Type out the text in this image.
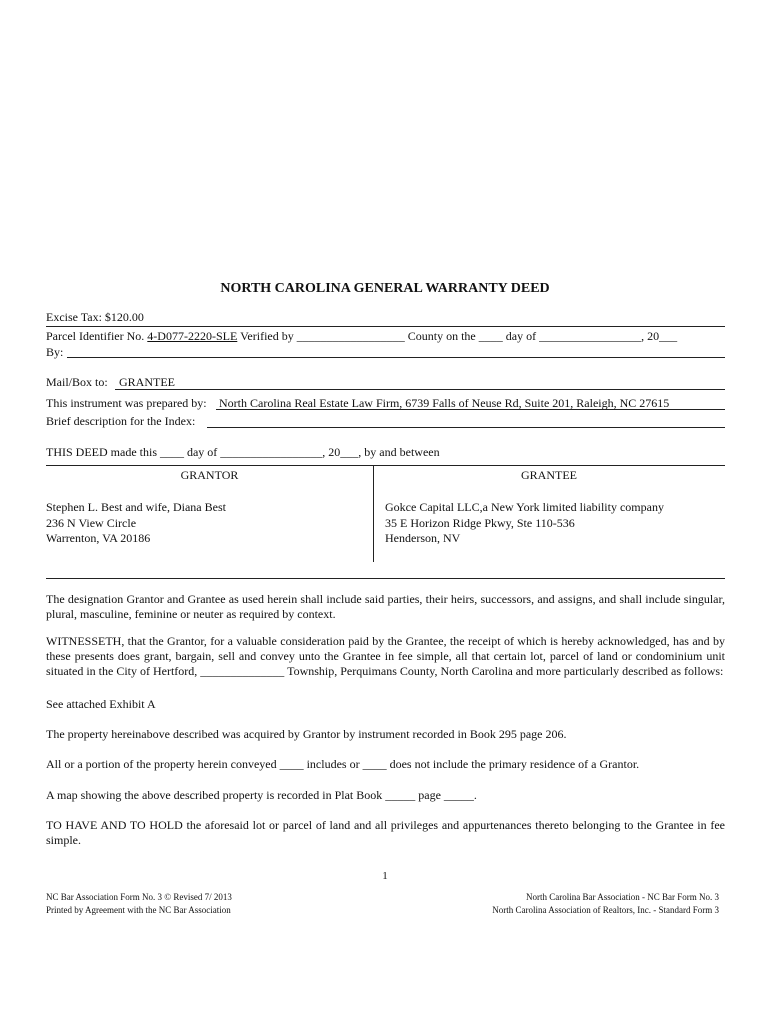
NORTH CAROLINA GENERAL WARRANTY DEED
Excise Tax: $120.00
Parcel Identifier No. 4-D077-2220-SLE Verified by __________________ County on the ____ day of _________________, 20___
By:
Mail/Box to: GRANTEE
This instrument was prepared by: North Carolina Real Estate Law Firm, 6739 Falls of Neuse Rd, Suite 201, Raleigh, NC 27615
Brief description for the Index:
THIS DEED made this ____ day of _________________, 20___, by and between
GRANTOR
Stephen L. Best and wife, Diana Best
236 N View Circle
Warrenton, VA 20186
GRANTEE
Gokce Capital LLC,a New York limited liability company
35 E Horizon Ridge Pkwy, Ste 110-536
Henderson, NV
The designation Grantor and Grantee as used herein shall include said parties, their heirs, successors, and assigns, and shall include singular, plural, masculine, feminine or neuter as required by context.
WITNESSETH, that the Grantor, for a valuable consideration paid by the Grantee, the receipt of which is hereby acknowledged, has and by these presents does grant, bargain, sell and convey unto the Grantee in fee simple, all that certain lot, parcel of land or condominium unit situated in the City of Hertford, ______________ Township, Perquimans County, North Carolina and more particularly described as follows:
See attached Exhibit A
The property hereinabove described was acquired by Grantor by instrument recorded in Book 295 page 206.
All or a portion of the property herein conveyed ____ includes or ____ does not include the primary residence of a Grantor.
A map showing the above described property is recorded in Plat Book _____ page _____.
TO HAVE AND TO HOLD the aforesaid lot or parcel of land and all privileges and appurtenances thereto belonging to the Grantee in fee simple.
1
NC Bar Association Form No. 3 © Revised 7/ 2013
Printed by Agreement with the NC Bar Association
North Carolina Bar Association - NC Bar Form No. 3
North Carolina Association of Realtors, Inc. - Standard Form 3
